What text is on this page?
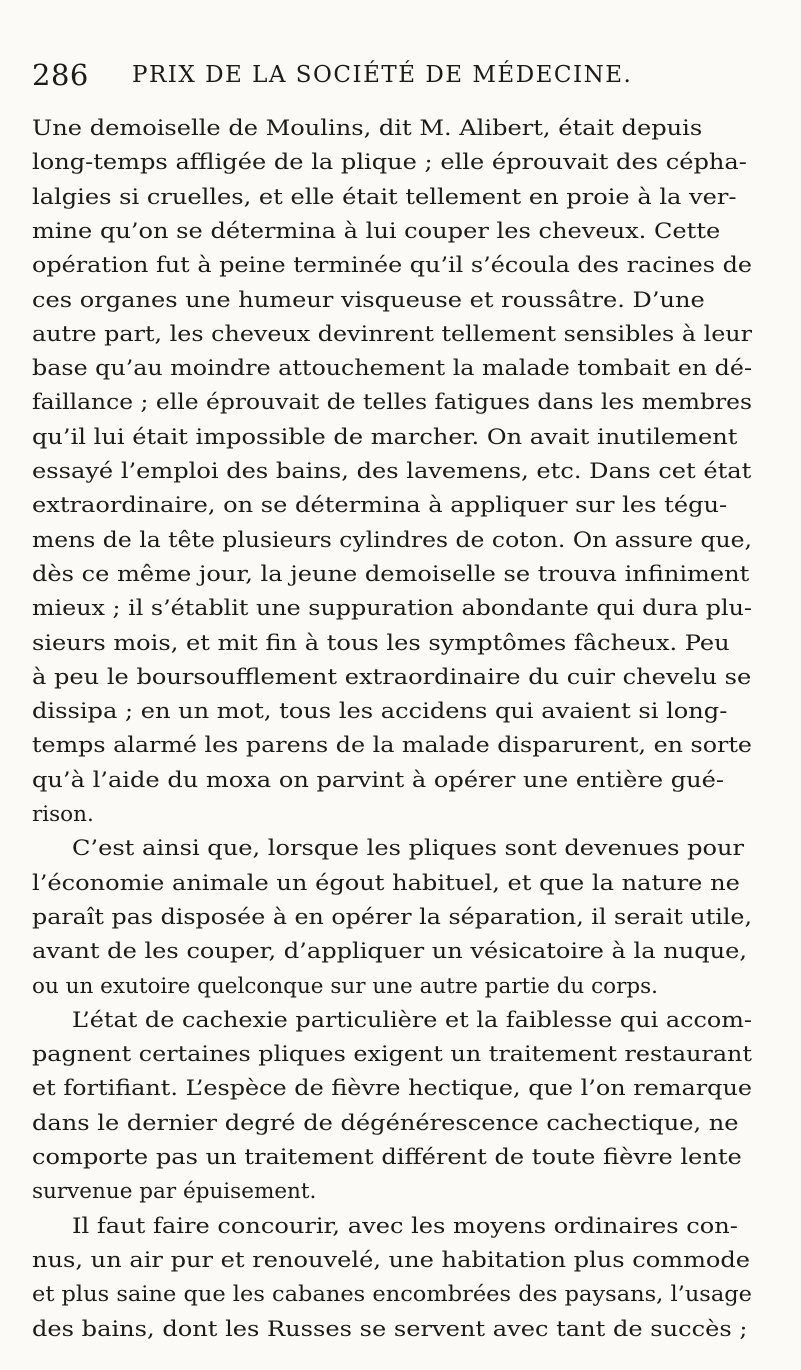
286 PRIX DE LA SOCIÉTÉ DE MÉDECINE.
Une demoiselle de Moulins, dit M. Alibert, était depuis
long-temps affligée de la plique ; elle éprouvait des cépha-
lalgies si cruelles, et elle était tellement en proie à la ver-
mine qu’on se détermina à lui couper les cheveux. Cette
opération fut à peine terminée qu’il s’écoula des racines de
ces organes une humeur visqueuse et roussâtre. D’une
autre part, les cheveux devinrent tellement sensibles à leur
base qu’au moindre attouchement la malade tombait en dé-
faillance ; elle éprouvait de telles fatigues dans les membres
qu’il lui était impossible de marcher. On avait inutilement
essayé l’emploi des bains, des lavemens, etc. Dans cet état
extraordinaire, on se détermina à appliquer sur les tégu-
mens de la tête plusieurs cylindres de coton. On assure que,
dès ce même jour, la jeune demoiselle se trouva infiniment
mieux ; il s’établit une suppuration abondante qui dura plu-
sieurs mois, et mit fin à tous les symptômes fâcheux. Peu
à peu le boursoufflement extraordinaire du cuir chevelu se
dissipa ; en un mot, tous les accidens qui avaient si long-
temps alarmé les parens de la malade disparurent, en sorte
qu’à l’aide du moxa on parvint à opérer une entière gué-
rison.
C’est ainsi que, lorsque les pliques sont devenues pour
l’économie animale un égout habituel, et que la nature ne
paraît pas disposée à en opérer la séparation, il serait utile,
avant de les couper, d’appliquer un vésicatoire à la nuque,
ou un exutoire quelconque sur une autre partie du corps.
L’état de cachexie particulière et la faiblesse qui accom-
pagnent certaines pliques exigent un traitement restaurant
et fortifiant. L’espèce de fièvre hectique, que l’on remarque
dans le dernier degré de dégénérescence cachectique, ne
comporte pas un traitement différent de toute fièvre lente
survenue par épuisement.
Il faut faire concourir, avec les moyens ordinaires con-
nus, un air pur et renouvelé, une habitation plus commode
et plus saine que les cabanes encombrées des paysans, l’usage
des bains, dont les Russes se servent avec tant de succès ;
